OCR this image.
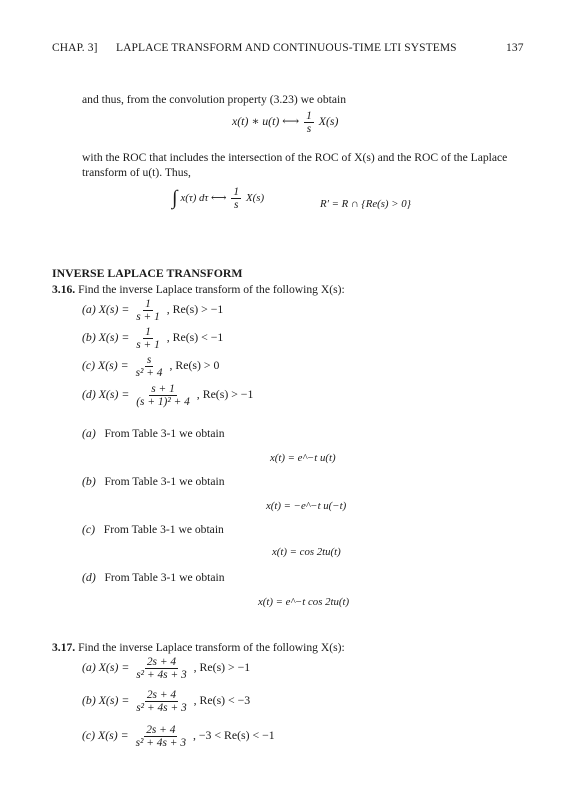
CHAP. 3] LAPLACE TRANSFORM AND CONTINUOUS-TIME LTI SYSTEMS	137
and thus, from the convolution property (3.23) we obtain
x(t) ∗ u(t) ⟷ $\frac{1}{s} X(s)$
with the ROC that includes the intersection of the ROC of X(s) and the ROC of the Laplace
transform of u(t). Thus,
∫ x(τ) dτ ⟷ $\frac{1}{s} X(s)$	R′ = R ∩ {Re(s) > 0}
INVERSE LAPLACE TRANSFORM
3.16. Find the inverse Laplace transform of the following X(s):
(a) $X(s) = \frac{1}{s + 1}$ , Re(s) > −1
(b) $X(s) = \frac{1}{s + 1}$ , Re(s) < −1
(c) $X(s) = \frac{s}{\text{s² + 4}}$ , Re(s) > 0
(d) $X(s) = \frac{s + 1}{\text{(s + 1)² + 4}}$ , Re(s) > −1
(a) From Table 3-1 we obtain
x(t) = e^−t u(t)
(b) From Table 3-1 we obtain
x(t) = −e^−t u(−t)
(c) From Table 3-1 we obtain
x(t) = cos 2tu(t)
(d) From Table 3-1 we obtain
x(t) = e^−t cos 2tu(t)
3.17. Find the inverse Laplace transform of the following X(s):
(a) $X(s) = \frac{2s + 4}{\text{s² + 4s + 3}}$ , Re(s) > −1
(b) $X(s) = \frac{2s + 4}{\text{s² + 4s + 3}}$ , Re(s) < −3
(c) $X(s) = \frac{2s + 4}{\text{s² + 4s + 3}}$ , −3 < Re(s) < −1
